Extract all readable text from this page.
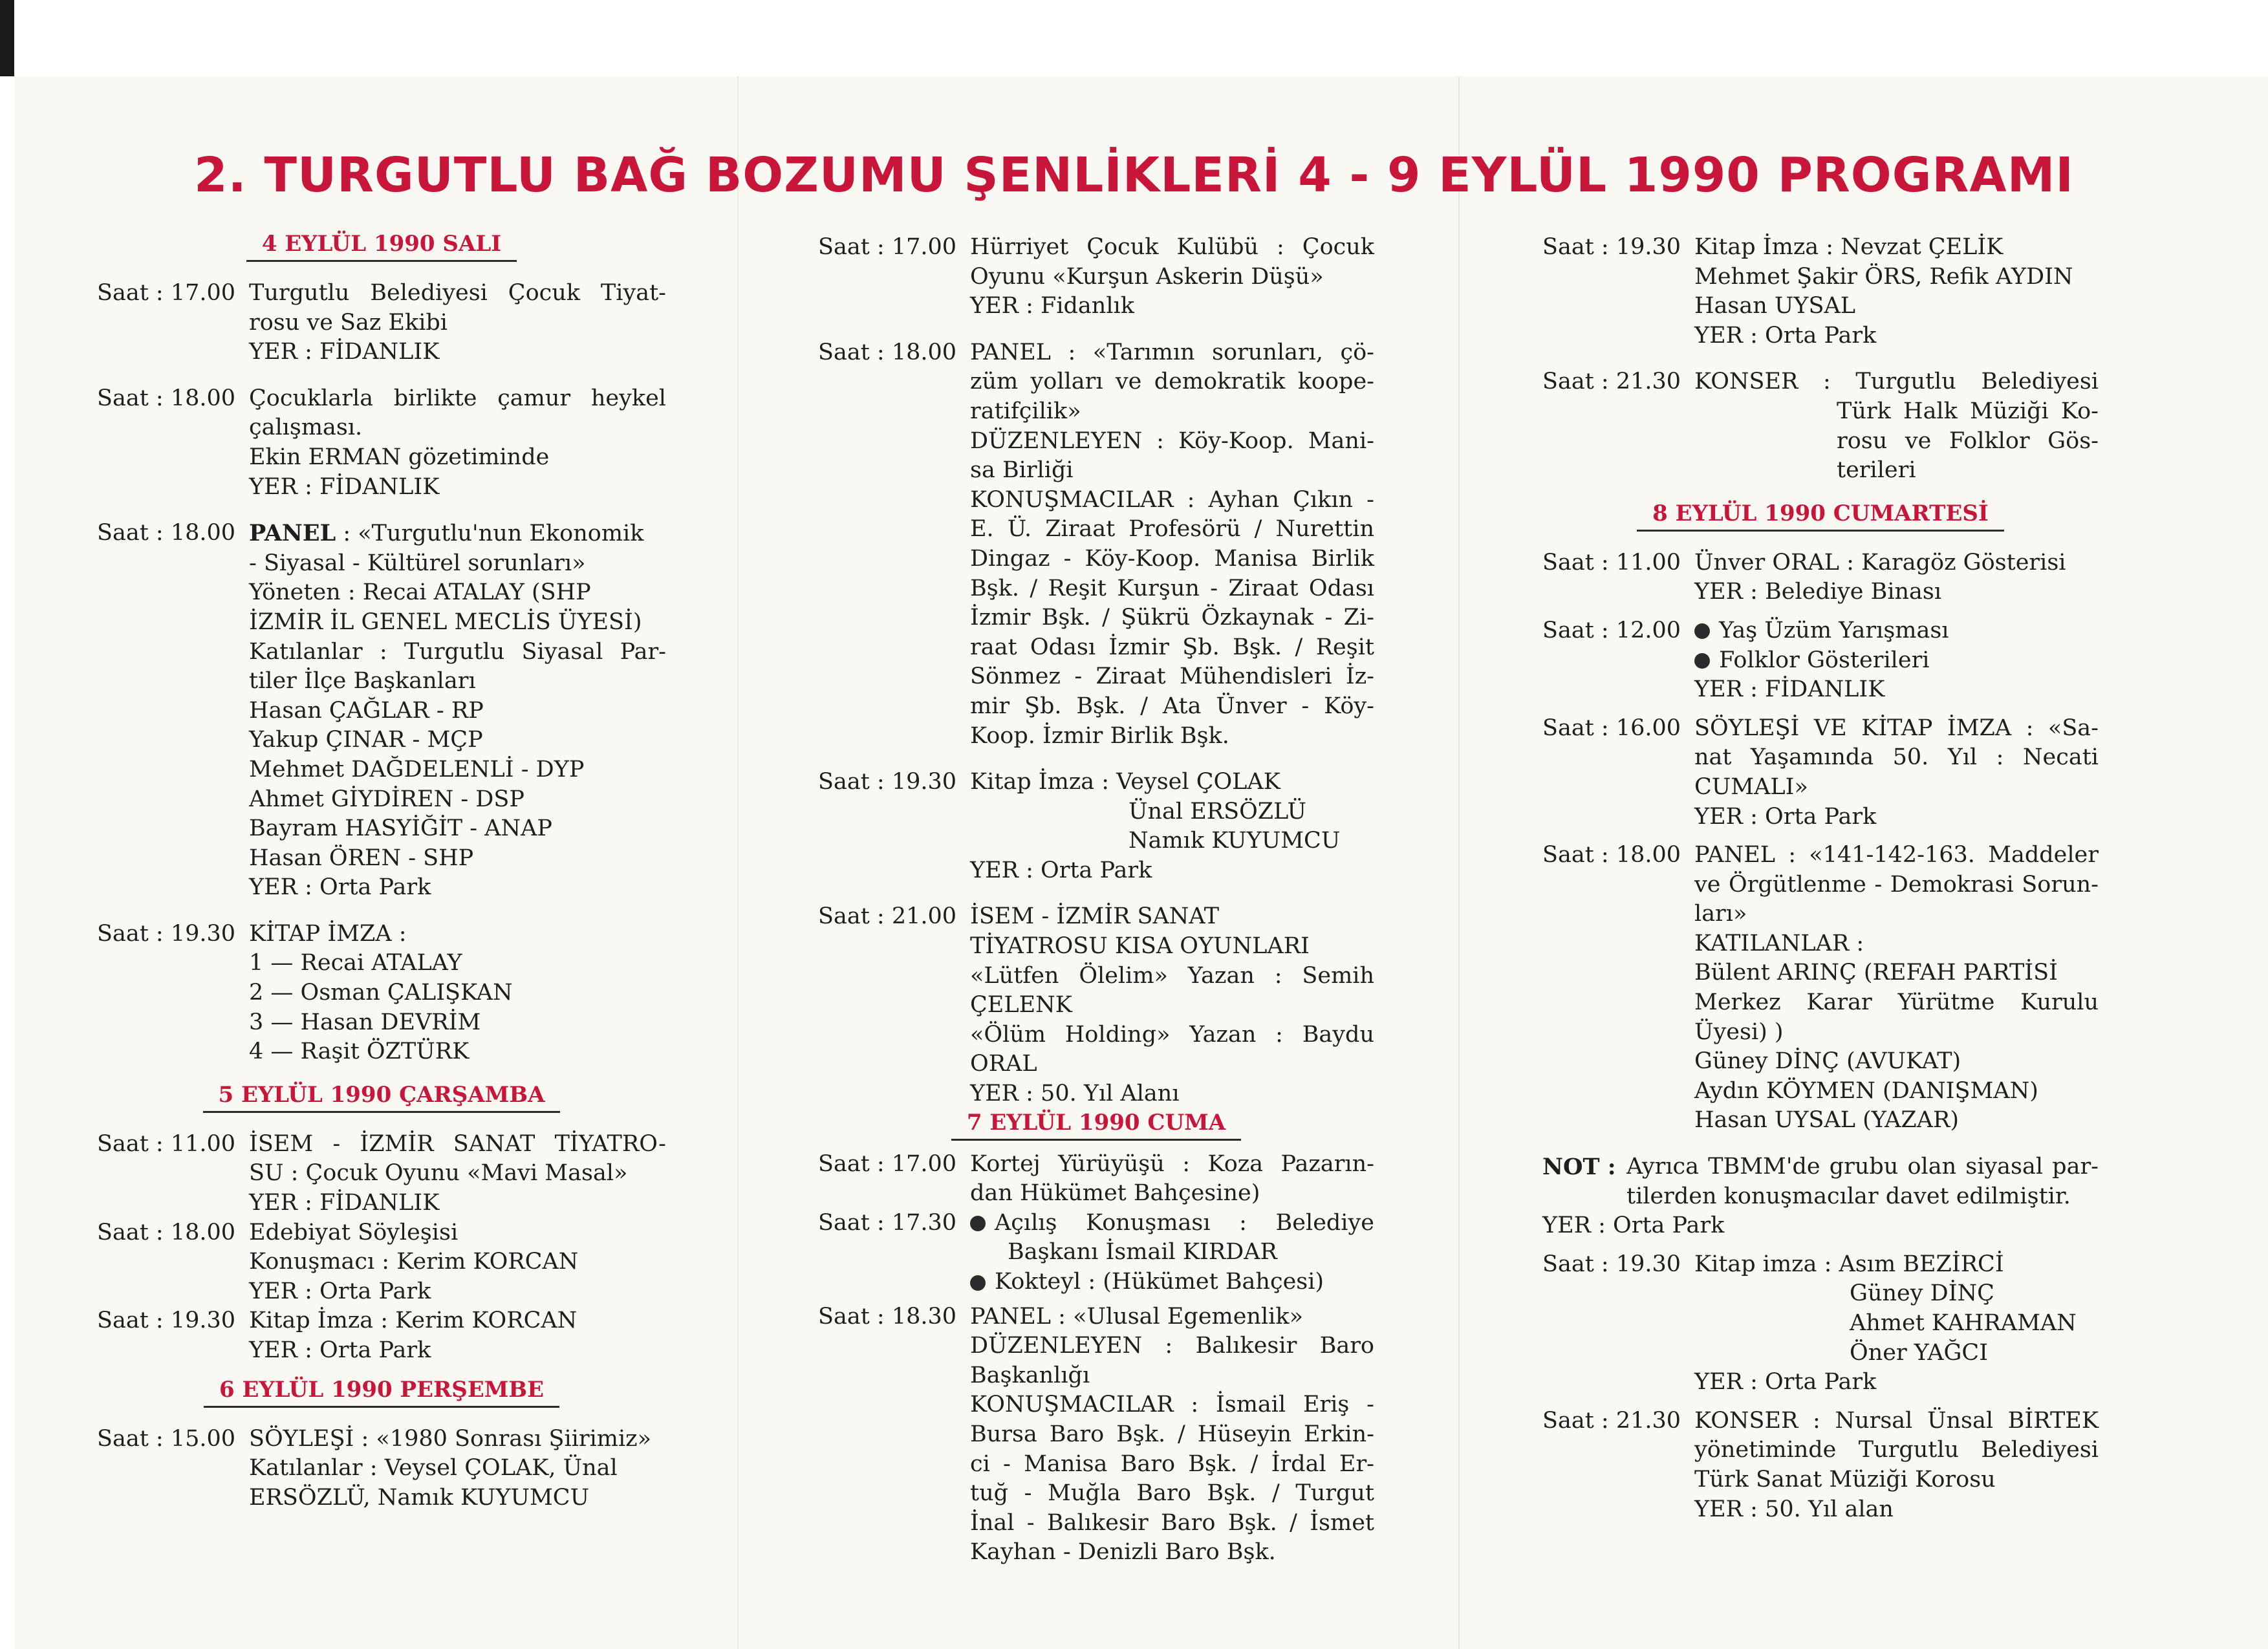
2. TURGUTLU BAĞ BOZUMU ŞENLİKLERİ 4 - 9 EYLÜL 1990 PROGRAMI
4 EYLÜL 1990 SALI
Saat : 17.00 Turgutlu Belediyesi Çocuk Tiyat-
rosu ve Saz Ekibi
YER : FİDANLIK
Saat : 18.00 Çocuklarla birlikte çamur heykel
çalışması.
Ekin ERMAN gözetiminde
YER : FİDANLIK
Saat : 18.00 PANEL : «Turgutlu'nun Ekonomik
- Siyasal - Kültürel sorunları»
Yöneten : Recai ATALAY (SHP
İZMİR İL GENEL MECLİS ÜYESİ)
Katılanlar : Turgutlu Siyasal Par-
tiler İlçe Başkanları
Hasan ÇAĞLAR - RP
Yakup ÇINAR - MÇP
Mehmet DAĞDELENLİ - DYP
Ahmet GİYDİREN - DSP
Bayram HASYİĞİT - ANAP
Hasan ÖREN - SHP
YER : Orta Park
Saat : 19.30 KİTAP İMZA :
1 — Recai ATALAY
2 — Osman ÇALIŞKAN
3 — Hasan DEVRİM
4 — Raşit ÖZTÜRK
5 EYLÜL 1990 ÇARŞAMBA
Saat : 11.00 İSEM - İZMİR SANAT TİYATRO-
SU : Çocuk Oyunu «Mavi Masal»
YER : FİDANLIK
Saat : 18.00 Edebiyat Söyleşisi
Konuşmacı : Kerim KORCAN
YER : Orta Park
Saat : 19.30 Kitap İmza : Kerim KORCAN
YER : Orta Park
6 EYLÜL 1990 PERŞEMBE
Saat : 15.00 SÖYLEŞİ : «1980 Sonrası Şiirimiz»
Katılanlar : Veysel ÇOLAK, Ünal
ERSÖZLÜ, Namık KUYUMCU
Saat : 17.00 Hürriyet Çocuk Kulübü : Çocuk
Oyunu «Kurşun Askerin Düşü»
YER : Fidanlık
Saat : 18.00 PANEL : «Tarımın sorunları, çö-
züm yolları ve demokratik koope-
ratifçilik»
DÜZENLEYEN : Köy-Koop. Mani-
sa Birliği
KONUŞMACILAR : Ayhan Çıkın -
E. Ü. Ziraat Profesörü / Nurettin
Dingaz - Köy-Koop. Manisa Birlik
Bşk. / Reşit Kurşun - Ziraat Odası
İzmir Bşk. / Şükrü Özkaynak - Zi-
raat Odası İzmir Şb. Bşk. / Reşit
Sönmez - Ziraat Mühendisleri İz-
mir Şb. Bşk. / Ata Ünver - Köy-
Koop. İzmir Birlik Bşk.
Saat : 19.30 Kitap İmza : Veysel ÇOLAK
Ünal ERSÖZLÜ
Namık KUYUMCU
YER : Orta Park
Saat : 21.00 İSEM - İZMİR SANAT
TİYATROSU KISA OYUNLARI
«Lütfen Ölelim» Yazan : Semih
ÇELENK
«Ölüm Holding» Yazan : Baydu
ORAL
YER : 50. Yıl Alanı
7 EYLÜL 1990 CUMA
Saat : 17.00 Kortej Yürüyüşü : Koza Pazarın-
dan Hükümet Bahçesine)
Saat : 17.30	Açılış Konuşması : Belediye
Başkanı İsmail KIRDAR
Kokteyl : (Hükümet Bahçesi)
Saat : 18.30 PANEL : «Ulusal Egemenlik»
DÜZENLEYEN : Balıkesir Baro
Başkanlığı
KONUŞMACILAR : İsmail Eriş -
Bursa Baro Bşk. / Hüseyin Erkin-
ci - Manisa Baro Bşk. / İrdal Er-
tuğ - Muğla Baro Bşk. / Turgut
İnal - Balıkesir Baro Bşk. / İsmet
Kayhan - Denizli Baro Bşk.
Saat : 19.30 Kitap İmza : Nevzat ÇELİK
Mehmet Şakir ÖRS, Refik AYDIN
Hasan UYSAL
YER : Orta Park
Saat : 21.30 KONSER : Turgutlu Belediyesi
Türk Halk Müziği Ko-
rosu ve Folklor Gös-
terileri
8 EYLÜL 1990 CUMARTESİ
Saat : 11.00 Ünver ORAL : Karagöz Gösterisi
YER : Belediye Binası
Saat : 12.00	Yaş Üzüm Yarışması
Folklor Gösterileri
YER : FİDANLIK
Saat : 16.00 SÖYLEŞİ VE KİTAP İMZA : «Sa-
nat Yaşamında 50. Yıl : Necati
CUMALI»
YER : Orta Park
Saat : 18.00 PANEL : «141-142-163. Maddeler
ve Örgütlenme - Demokrasi Sorun-
ları»
KATILANLAR :
Bülent ARINÇ (REFAH PARTİSİ
Merkez Karar Yürütme Kurulu
Üyesi) )
Güney DİNÇ (AVUKAT)
Aydın KÖYMEN (DANIŞMAN)
Hasan UYSAL (YAZAR)
NOT : Ayrıca TBMM'de grubu olan siyasal par-
tilerden konuşmacılar davet edilmiştir.
YER : Orta Park
Saat : 19.30 Kitap imza : Asım BEZİRCİ
Güney DİNÇ
Ahmet KAHRAMAN
Öner YAĞCI
YER : Orta Park
Saat : 21.30 KONSER : Nursal Ünsal BİRTEK
yönetiminde Turgutlu Belediyesi
Türk Sanat Müziği Korosu
YER : 50. Yıl alan
